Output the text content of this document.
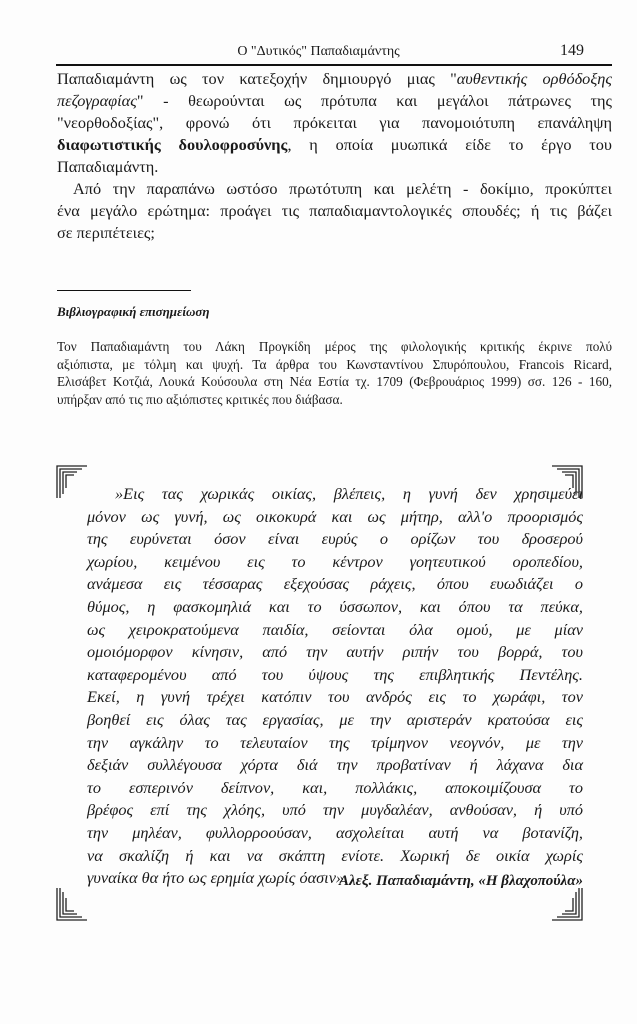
Ο "Δυτικός" Παπαδιαμάντης	149
Παπαδιαμάντη ως τον κατεξοχήν δημιουργό μιας "αυθεντικής ορθόδοξης
πεζογραφίας" - θεωρούνται ως πρότυπα και μεγάλοι πάτρωνες της
"νεορθοδοξίας", φρονώ ότι πρόκειται για πανομοιότυπη επανάληψη
διαφωτιστικής δουλοφροσύνης, η οποία μυωπικά είδε το έργο του
Παπαδιαμάντη.
Από την παραπάνω ωστόσο πρωτότυπη και μελέτη - δοκίμιο, προκύπτει
ένα μεγάλο ερώτημα: προάγει τις παπαδιαμαντολογικές σπουδές; ή τις βάζει
σε περιπέτειες;
Βιβλιογραφική επισημείωση
Τον Παπαδιαμάντη του Λάκη Προγκίδη μέρος της φιλολογικής κριτικής έκρινε πολύ
αξιόπιστα, με τόλμη και ψυχή. Τα άρθρα του Κωνσταντίνου Σπυρόπουλου, Francois Ricard,
Ελισάβετ Κοτζιά, Λουκά Κούσουλα στη Νέα Εστία τχ. 1709 (Φεβρουάριος 1999) σσ. 126 - 160,
υπήρξαν από τις πιο αξιόπιστες κριτικές που διάβασα.
»Εις τας χωρικάς οικίας, βλέπεις, η γυνή δεν χρησιμεύει
μόνον ως γυνή, ως οικοκυρά και ως μήτηρ, αλλ'ο προορισμός
της ευρύνεται όσον είναι ευρύς ο ορίζων του δροσερού
χωρίου, κειμένου εις το κέντρον γοητευτικού οροπεδίου,
ανάμεσα εις τέσσαρας εξεχούσας ράχεις, όπου ευωδιάζει ο
θύμος, η φασκομηλιά και το ύσσωπον, και όπου τα πεύκα,
ως χειροκρατούμενα παιδία, σείονται όλα ομού, με μίαν
ομοιόμορφον κίνησιν, από την αυτήν ριπήν του βορρά, του
καταφερομένου από του ύψους της επιβλητικής Πεντέλης.
Εκεί, η γυνή τρέχει κατόπιν του ανδρός εις το χωράφι, τον
βοηθεί εις όλας τας εργασίας, με την αριστεράν κρατούσα εις
την αγκάλην το τελευταίον της τρίμηνον νεογνόν, με την
δεξιάν συλλέγουσα χόρτα διά την προβατίναν ή λάχανα δια
το εσπερινόν δείπνον, και, πολλάκις, αποκοιμίζουσα το
βρέφος επί της χλόης, υπό την μυγδαλέαν, ανθούσαν, ή υπό
την μηλέαν, φυλλορροούσαν, ασχολείται αυτή να βοτανίζη,
να σκαλίζη ή και να σκάπτη ενίοτε. Χωρική δε οικία χωρίς
γυναίκα θα ήτο ως ερημία χωρίς όασιν».
Αλεξ. Παπαδιαμάντη, «Η βλαχοπούλα»
